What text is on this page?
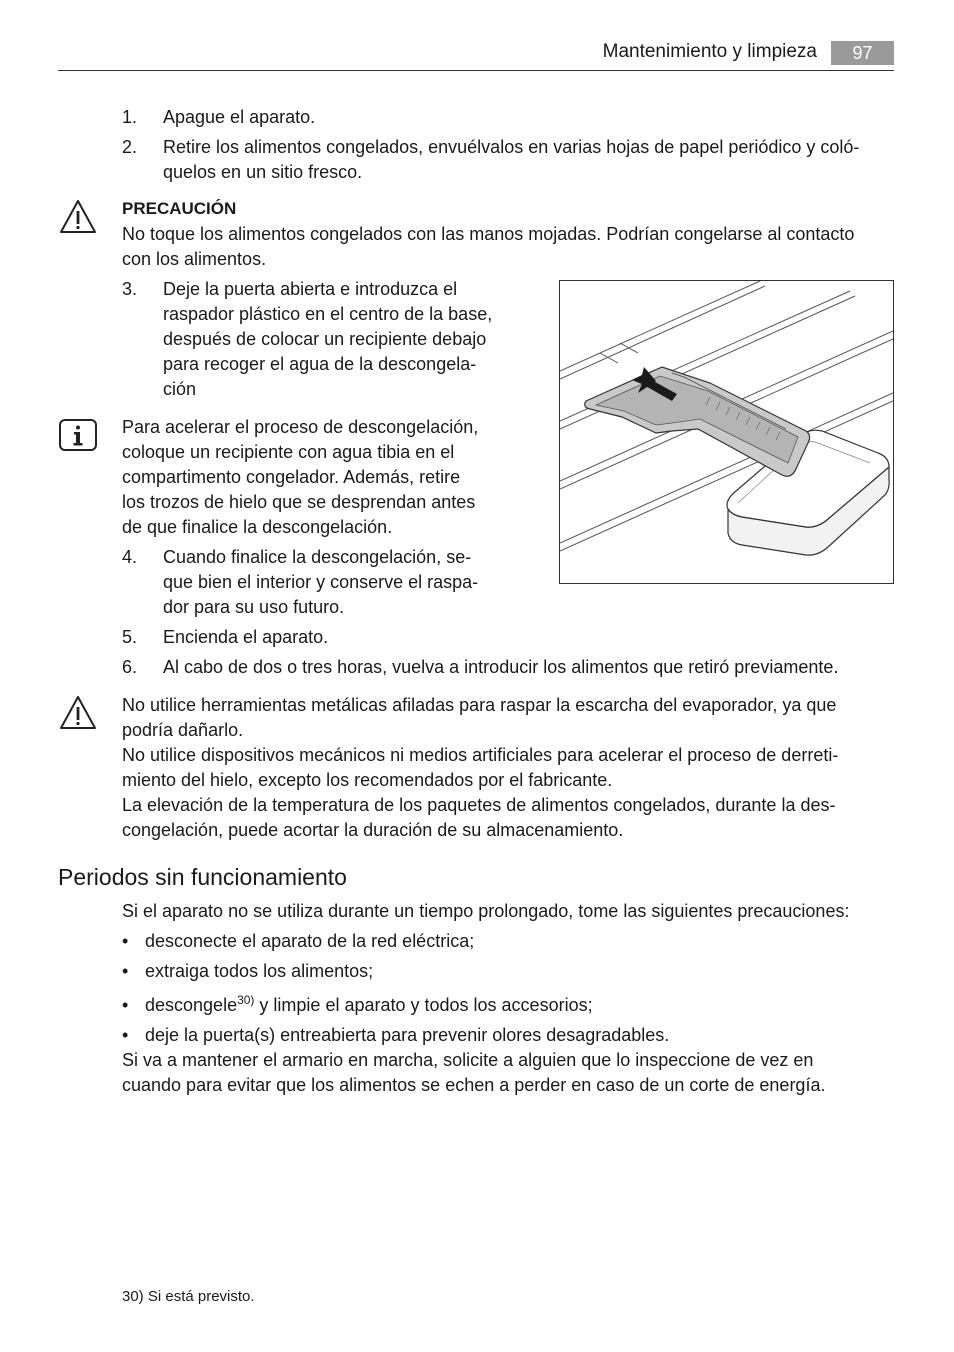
Mantenimiento y limpieza	97
1.	Apague el aparato.
2.	Retire los alimentos congelados, envuélvalos en varias hojas de papel periódico y coló-
quelos en un sitio fresco.
PRECAUCIÓN
No toque los alimentos congelados con las manos mojadas. Podrían congelarse al contacto
con los alimentos.
3.	Deje la puerta abierta e introduzca el
raspador plástico en el centro de la base,
después de colocar un recipiente debajo
para recoger el agua de la descongela-
ción
Para acelerar el proceso de descongelación,
coloque un recipiente con agua tibia en el
compartimento congelador. Además, retire
los trozos de hielo que se desprendan antes
de que finalice la descongelación.
4.	Cuando finalice la descongelación, se-
que bien el interior y conserve el raspa-
dor para su uso futuro.
5.	Encienda el aparato.
6.	Al cabo de dos o tres horas, vuelva a introducir los alimentos que retiró previamente.
No utilice herramientas metálicas afiladas para raspar la escarcha del evaporador, ya que
podría dañarlo.
No utilice dispositivos mecánicos ni medios artificiales para acelerar el proceso de derreti-
miento del hielo, excepto los recomendados por el fabricante.
La elevación de la temperatura de los paquetes de alimentos congelados, durante la des-
congelación, puede acortar la duración de su almacenamiento.
Periodos sin funcionamiento
Si el aparato no se utiliza durante un tiempo prolongado, tome las siguientes precauciones:
• desconecte el aparato de la red eléctrica;
• extraiga todos los alimentos;
• descongele$^{30)}$ y limpie el aparato y todos los accesorios;
• deje la puerta(s) entreabierta para prevenir olores desagradables.
Si va a mantener el armario en marcha, solicite a alguien que lo inspeccione de vez en
cuando para evitar que los alimentos se echen a perder en caso de un corte de energía.
30) Si está previsto.
